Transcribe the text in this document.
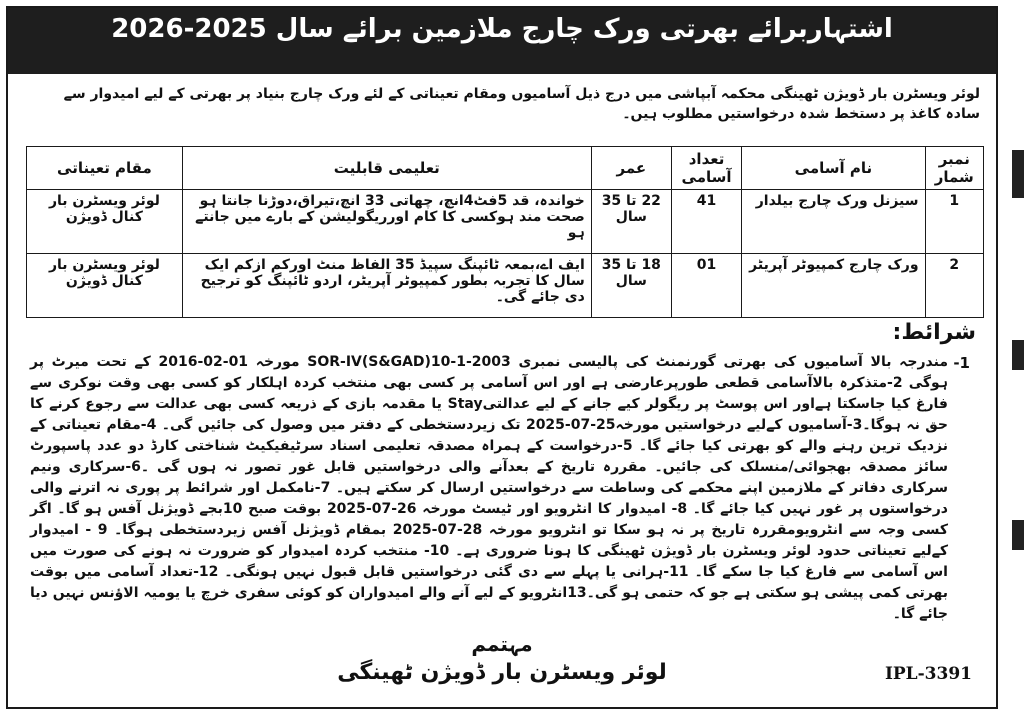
اشتہاربرائے بھرتی ورک چارج ملازمین برائے سال 2025-2026
لوئر ویسٹرن بار ڈویژن ٹھینگی محکمہ آبپاشی میں درج ذیل آسامیوں ومقام تعیناتی کے لئے ورک چارج بنیاد پر بھرتی کے لیے امیدوار سے سادہ کاغذ پر دستخط شدہ درخواستیں مطلوب ہیں۔
نمبر شمار	نام آسامی	تعداد آسامی	عمر	تعلیمی قابلیت	مقام تعیناتی
1	سیزنل ورک چارج بیلدار	41	22 تا 35 سال	خواندہ، قد 5فٹ4انچ، چھاتی 33 انچ،تیراق،دوڑنا جانتا ہو صحت مند ہوکسی کا کام اورریگولیشن کے بارے میں جانتے ہو	لوئر ویسٹرن بار کنال ڈویژن
2	ورک چارج کمپیوٹر آپریٹر	01	18 تا 35 سال	ایف اے،بمعہ ٹائپنگ سپیڈ 35 الفاظ منٹ اورکم ازکم ایک سال کا تجربہ بطور کمپیوٹر آپریٹر، اردو ٹائپنگ کو ترجیح دی جائے گی۔	لوئر ویسٹرن بار کنال ڈویژن
شرائط:
-1
مندرجہ بالا آسامیوں کی بھرتی گورنمنٹ کی پالیسی نمبری SOR-IV(S&GAD)10-1-2003 مورخہ 01-02-2016 کے تحت میرٹ پر ہوگی 2-متذکرہ بالاآسامی قطعی طورپرعارضی ہے اور اس آسامی پر کسی بھی منتخب کردہ اہلکار کو کسی بھی وقت نوکری سے فارغ کیا جاسکتا ہےاور اس پوسٹ پر ریگولر کیے جانے کے لیے عدالتیStay یا مقدمہ بازی کے ذریعہ کسی بھی عدالت سے رجوع کرنے کا حق نہ ہوگا۔3-آسامیوں کےلیے درخواستیں مورخہ25-07-2025 تک زیردستخطی کے دفتر میں وصول کی جائیں گی۔ 4-مقام تعیناتی کے نزدیک ترین رہنے والے کو بھرتی کیا جائے گا۔ 5-درخواست کے ہمراہ مصدقہ تعلیمی اسناد سرٹیفیکیٹ شناختی کارڈ دو عدد پاسپورٹ سائز مصدقہ بھجوائی/منسلک کی جائیں۔ مقررہ تاریخ کے بعدآنے والی درخواستیں قابل غور تصور نہ ہوں گی ۔6-سرکاری ونیم سرکاری دفاتر کے ملازمین اپنے محکمے کی وساطت سے درخواستیں ارسال کر سکتے ہیں۔ 7-نامکمل اور شرائط پر پوری نہ اترنے والی درخواستوں پر غور نہیں کیا جائے گا۔ 8- امیدوار کا انٹرویو اور ٹیسٹ مورخہ 26-07-2025 بوقت صبح 10بجے ڈویژنل آفس ہو گا۔ اگر کسی وجہ سے انٹرویومقررہ تاریخ پر نہ ہو سکا تو انٹرویو مورخہ 28-07-2025 بمقام ڈویژنل آفس زیردستخطی ہوگا۔ 9 - امیدوار کےلیے تعیناتی حدود لوئر ویسٹرن بار ڈویژن ٹھینگی کا ہونا ضروری ہے۔ 10- منتخب کردہ امیدوار کو ضرورت نہ ہونے کی صورت میں اس آسامی سے فارغ کیا جا سکے گا۔ 11-ہرانی یا پہلے سے دی گئی درخواستیں قابل قبول نہیں ہونگی۔ 12-تعداد آسامی میں بوقت بھرتی کمی پیشی ہو سکتی ہے جو کہ حتمی ہو گی۔13انٹرویو کے لیے آنے والے امیدواران کو کوئی سفری خرچ یا یومیہ الاؤنس نہیں دیا جائے گا۔
مہتمم
لوئر ویسٹرن بار ڈویژن ٹھینگی	IPL-3391
